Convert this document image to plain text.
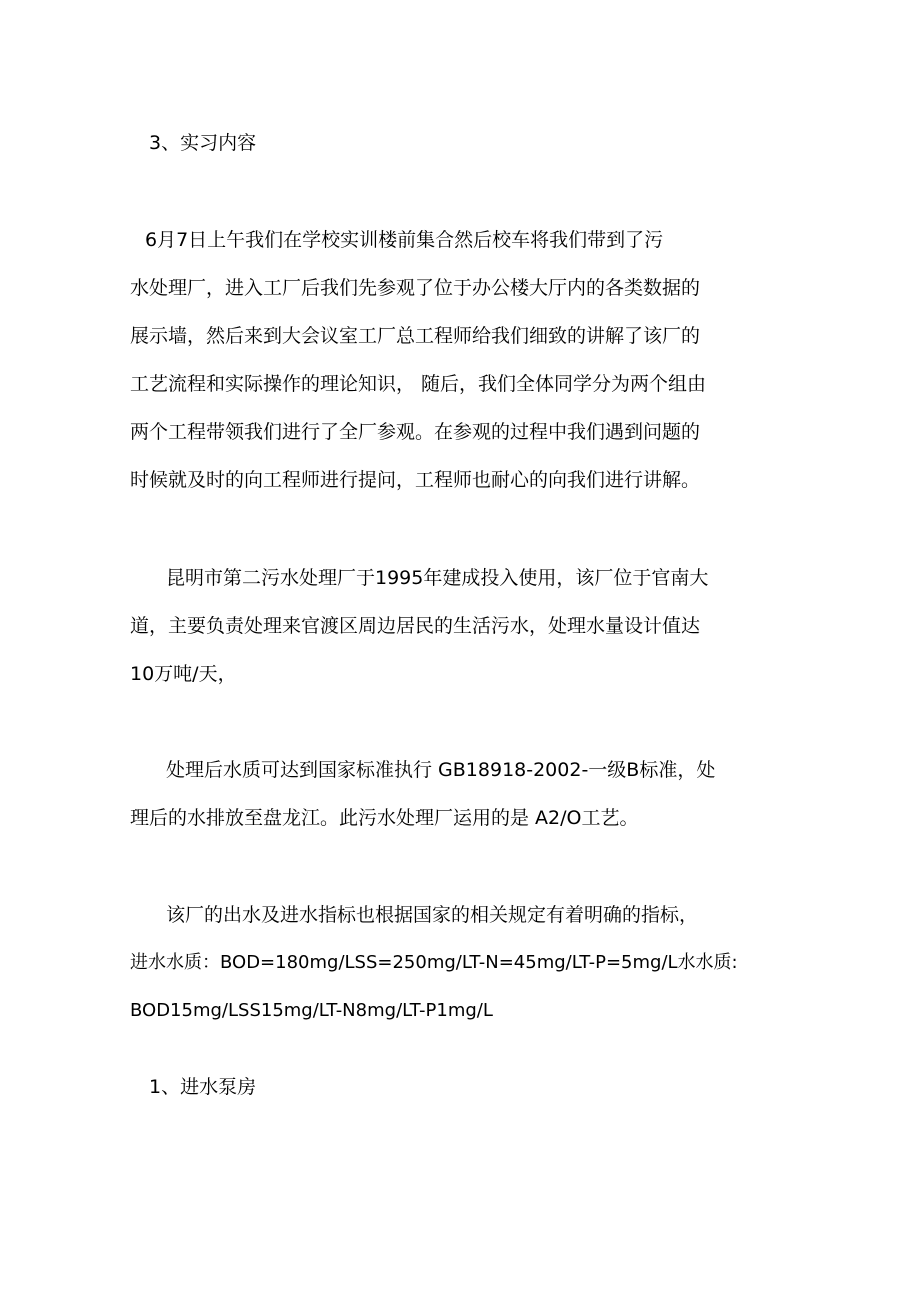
3、实习内容
6月7日上午我们在学校实训楼前集合然后校车将我们带到了污
水处理厂，进入工厂后我们先参观了位于办公楼大厅内的各类数据的
展示墙，然后来到大会议室工厂总工程师给我们细致的讲解了该厂的
工艺流程和实际操作的理论知识， 随后，我们全体同学分为两个组由
两个工程带领我们进行了全厂参观。在参观的过程中我们遇到问题的
时候就及时的向工程师进行提问，工程师也耐心的向我们进行讲解。
昆明市第二污水处理厂于1995年建成投入使用，该厂位于官南大
道，主要负责处理来官渡区周边居民的生活污水，处理水量设计值达
10万吨/天，
处理后水质可达到国家标准执行 GB18918-2002-一级B标准，处
理后的水排放至盘龙江。此污水处理厂运用的是 A2/O工艺。
该厂的出水及进水指标也根据国家的相关规定有着明确的指标，
进水水质：BOD=180mg/LSS=250mg/LT-N=45mg/LT-P=5mg/L水水质:
BOD15mg/LSS15mg/LT-N8mg/LT-P1mg/L
1、进水泵房
